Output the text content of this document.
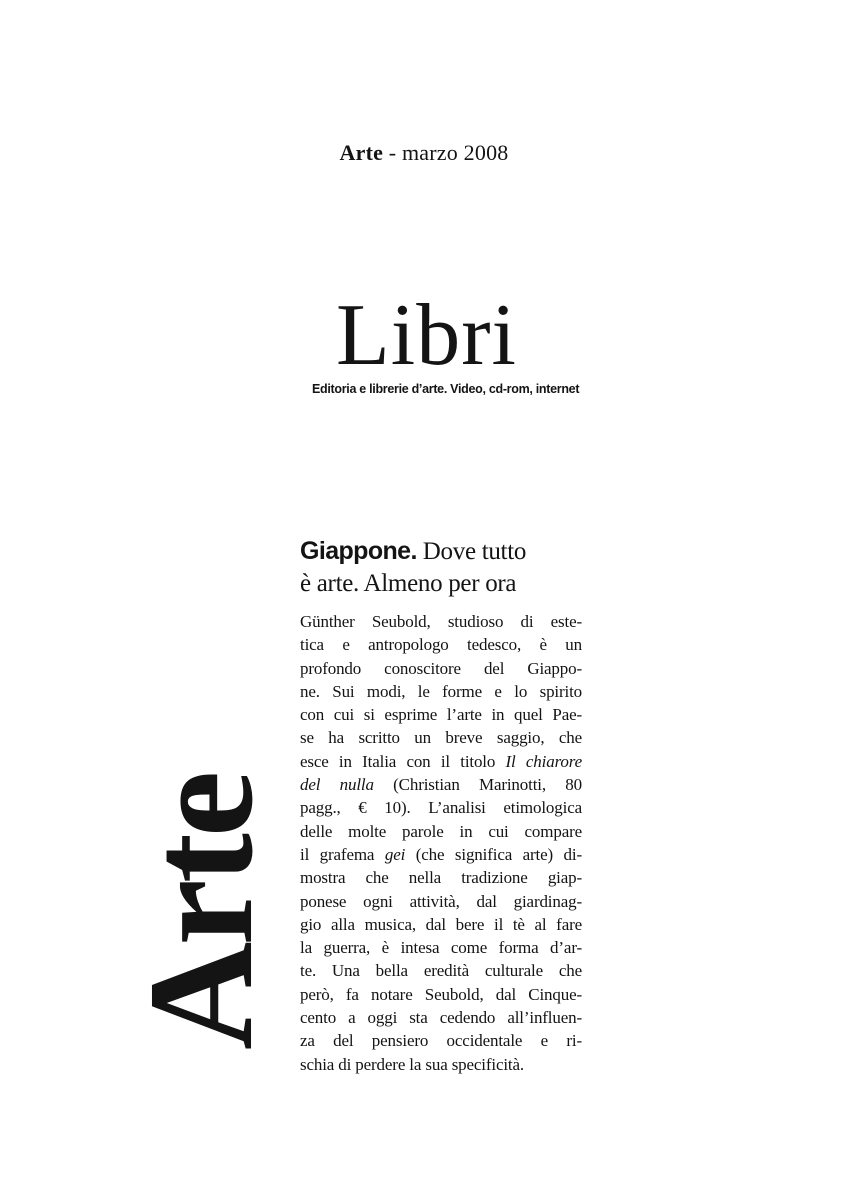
Arte - marzo 2008
Libri
Editoria e librerie d’arte. Video, cd-rom, internet
Arte
Giappone. Dove tutto
è arte. Almeno per ora
Günther Seubold, studioso di este-
tica e antropologo tedesco, è un
profondo conoscitore del Giappo-
ne. Sui modi, le forme e lo spirito
con cui si esprime l’arte in quel Pae-
se ha scritto un breve saggio, che
esce in Italia con il titolo Il chiarore
del nulla (Christian Marinotti, 80
pagg., € 10). L’analisi etimologica
delle molte parole in cui compare
il grafema gei (che significa arte) di-
mostra che nella tradizione giap-
ponese ogni attività, dal giardinag-
gio alla musica, dal bere il tè al fare
la guerra, è intesa come forma d’ar-
te. Una bella eredità culturale che
però, fa notare Seubold, dal Cinque-
cento a oggi sta cedendo all’influen-
za del pensiero occidentale e ri-
schia di perdere la sua specificità.
